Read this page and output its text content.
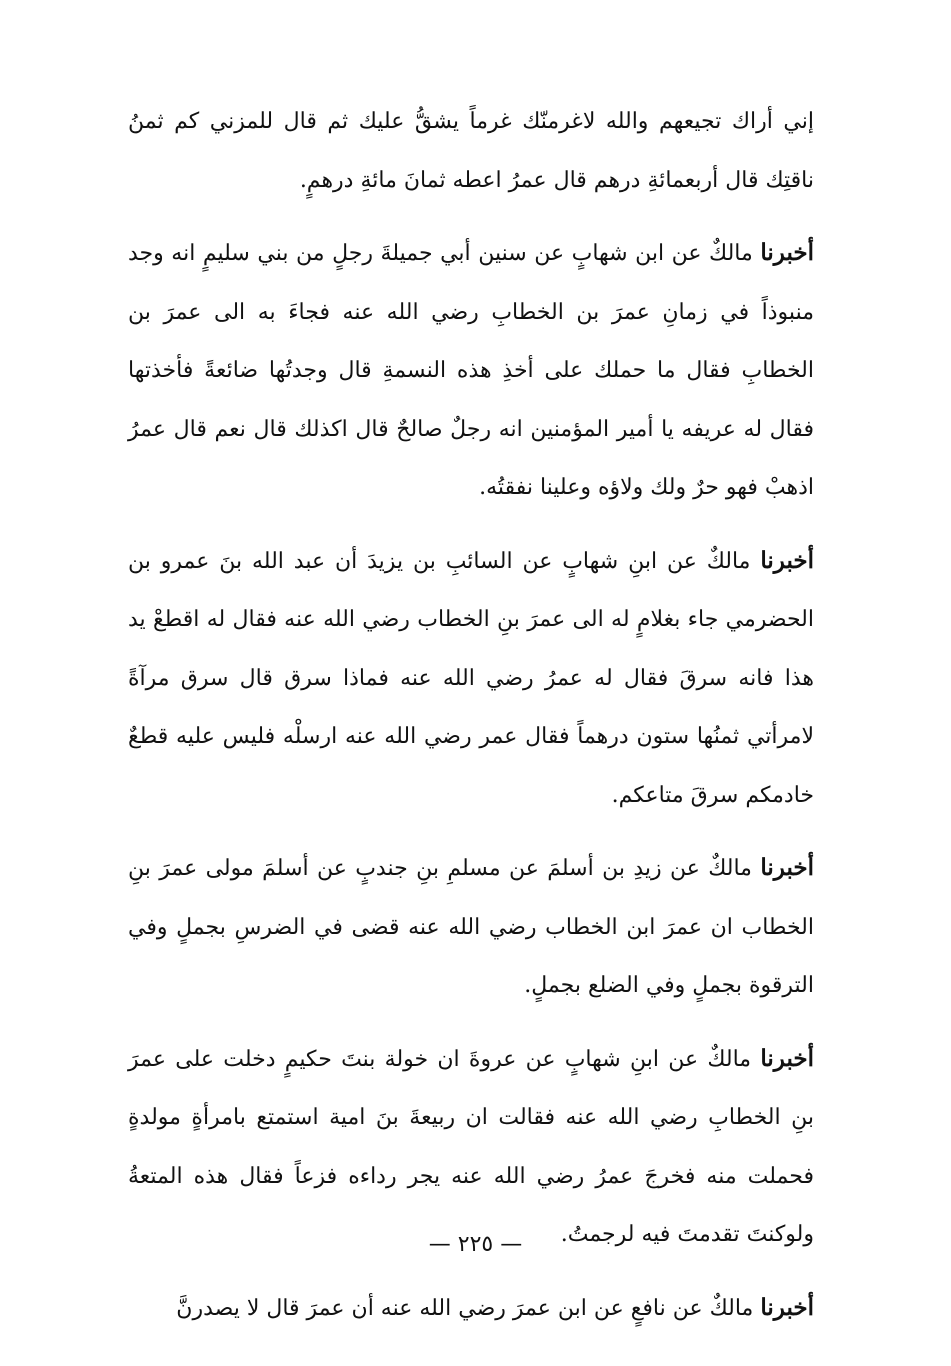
إني أراك تجيعهم والله لاغرمنّك غرماً يشقُّ عليك ثم قال للمزني كم ثمنُ ناقتِك قال أربعمائةِ درهم قال عمرُ اعطه ثمانَ مائةِ درهمٍ.

أخبرنا مالكٌ عن ابن شهابٍ عن سنين أبي جميلةَ رجلٍ من بني سليمٍ انه وجد منبوذاً في زمانِ عمرَ بن الخطابِ رضي الله عنه فجاءَ به الى عمرَ بن الخطابِ فقال ما حملك على أخذِ هذه النسمةِ قال وجدتُها ضائعةً فأخذتها فقال له عريفه يا أمير المؤمنين انه رجلٌ صالحٌ قال اكذلك قال نعم قال عمرُ اذهبْ فهو حرٌ ولك ولاؤه وعلينا نفقتُه.

أخبرنا مالكٌ عن ابنِ شهابٍ عن السائبِ بن يزيدَ أن عبد الله بنَ عمرو بن الحضرمي جاء بغلامٍ له الى عمرَ بنِ الخطاب رضي الله عنه فقال له اقطعْ يد هذا فانه سرقَ فقال له عمرُ رضي الله عنه فماذا سرق قال سرق مرآةً لامرأتي ثمنُها ستون درهماً فقال عمر رضي الله عنه ارسلْه فليس عليه قطعٌ خادمكم سرقَ متاعكم.

أخبرنا مالكٌ عن زيدِ بن أسلمَ عن مسلمِ بنِ جندبٍ عن أسلمَ مولى عمرَ بنِ الخطاب ان عمرَ ابن الخطاب رضي الله عنه قضى في الضرسِ بجملٍ وفي الترقوة بجملٍ وفي الضلع بجملٍ.

أخبرنا مالكٌ عن ابنِ شهابٍ عن عروةَ ان خولة بنتَ حكيمٍ دخلت على عمرَ بنِ الخطابِ رضي الله عنه فقالت ان ربيعةَ بنَ امية استمتع بامرأةٍ مولدةٍ فحملت منه فخرجَ عمرُ رضي الله عنه يجر رداءه فزعاً فقال هذه المتعةُ ولوكنتَ تقدمتَ فيه لرجمتُ.

أخبرنا مالكٌ عن نافعٍ عن ابن عمرَ رضي الله عنه أن عمرَ قال لا يصدرنَّ

— ٢٢٥ —
